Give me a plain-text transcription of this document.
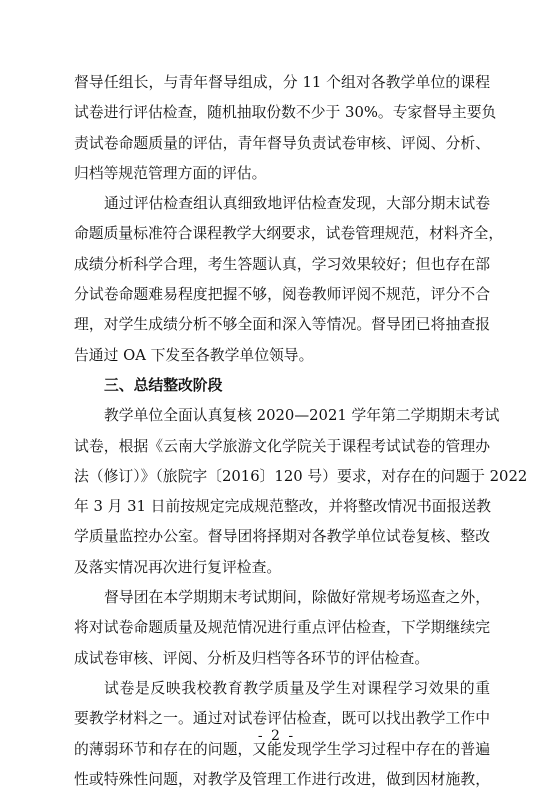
督导任组长，与青年督导组成，分 11 个组对各教学单位的课程
试卷进行评估检查，随机抽取份数不少于 30%。专家督导主要负
责试卷命题质量的评估，青年督导负责试卷审核、评阅、分析、
归档等规范管理方面的评估。
通过评估检查组认真细致地评估检查发现，大部分期末试卷
命题质量标准符合课程教学大纲要求，试卷管理规范，材料齐全，
成绩分析科学合理，考生答题认真，学习效果较好；但也存在部
分试卷命题难易程度把握不够，阅卷教师评阅不规范，评分不合
理，对学生成绩分析不够全面和深入等情况。督导团已将抽查报
告通过 OA 下发至各教学单位领导。
三、总结整改阶段
教学单位全面认真复核 2020—2021 学年第二学期期末考试
试卷，根据《云南大学旅游文化学院关于课程考试试卷的管理办
法（修订）》（旅院字〔2016〕120 号）要求，对存在的问题于 2022
年 3 月 31 日前按规定完成规范整改，并将整改情况书面报送教
学质量监控办公室。督导团将择期对各教学单位试卷复核、整改
及落实情况再次进行复评检查。
督导团在本学期期末考试期间，除做好常规考场巡查之外，
将对试卷命题质量及规范情况进行重点评估检查，下学期继续完
成试卷审核、评阅、分析及归档等各环节的评估检查。
试卷是反映我校教育教学质量及学生对课程学习效果的重
要教学材料之一。通过对试卷评估检查，既可以找出教学工作中
的薄弱环节和存在的问题，又能发现学生学习过程中存在的普遍
性或特殊性问题，对教学及管理工作进行改进，做到因材施教，
- 2 -
